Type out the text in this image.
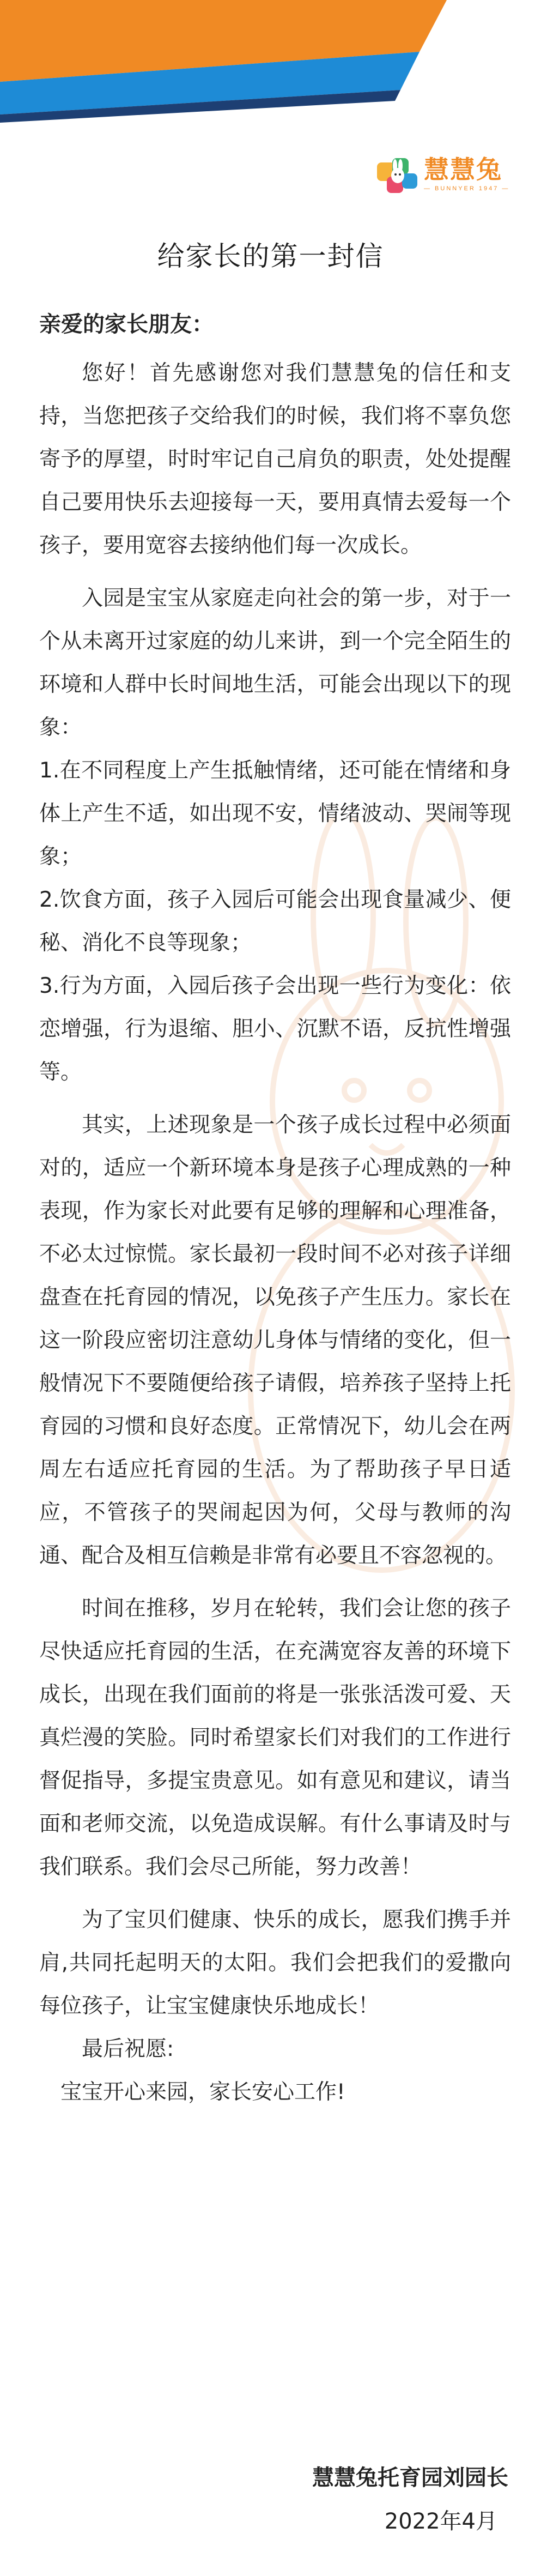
慧慧兔
— BUNNYER 1947 —
给家长的第一封信
亲爱的家长朋友：

您好！首先感谢您对我们慧慧兔的信任和支持，当您把孩子交给我们的时候，我们将不辜负您寄予的厚望，时时牢记自己肩负的职责，处处提醒自己要用快乐去迎接每一天，要用真情去爱每一个孩子，要用宽容去接纳他们每一次成长。

入园是宝宝从家庭走向社会的第一步，对于一个从未离开过家庭的幼儿来讲，到一个完全陌生的环境和人群中长时间地生活，可能会出现以下的现象：

1.在不同程度上产生抵触情绪，还可能在情绪和身体上产生不适，如出现不安，情绪波动、哭闹等现象；

2.饮食方面，孩子入园后可能会出现食量减少、便秘、消化不良等现象；

3.行为方面，入园后孩子会出现一些行为变化：依恋增强，行为退缩、胆小、沉默不语，反抗性增强等。

其实，上述现象是一个孩子成长过程中必须面对的，适应一个新环境本身是孩子心理成熟的一种表现，作为家长对此要有足够的理解和心理准备，不必太过惊慌。家长最初一段时间不必对孩子详细盘查在托育园的情况，以免孩子产生压力。家长在这一阶段应密切注意幼儿身体与情绪的变化，但一般情况下不要随便给孩子请假，培养孩子坚持上托育园的习惯和良好态度。正常情况下，幼儿会在两周左右适应托育园的生活。为了帮助孩子早日适应，不管孩子的哭闹起因为何，父母与教师的沟通、配合及相互信赖是非常有必要且不容忽视的。

时间在推移，岁月在轮转，我们会让您的孩子尽快适应托育园的生活，在充满宽容友善的环境下成长，出现在我们面前的将是一张张活泼可爱、天真烂漫的笑脸。同时希望家长们对我们的工作进行督促指导，多提宝贵意见。如有意见和建议，请当面和老师交流，以免造成误解。有什么事请及时与我们联系。我们会尽己所能，努力改善！

为了宝贝们健康、快乐的成长，愿我们携手并肩,共同托起明天的太阳。我们会把我们的爱撒向每位孩子，让宝宝健康快乐地成长！

最后祝愿:

宝宝开心来园，家长安心工作!

慧慧兔托育园刘园长
2022年4月
